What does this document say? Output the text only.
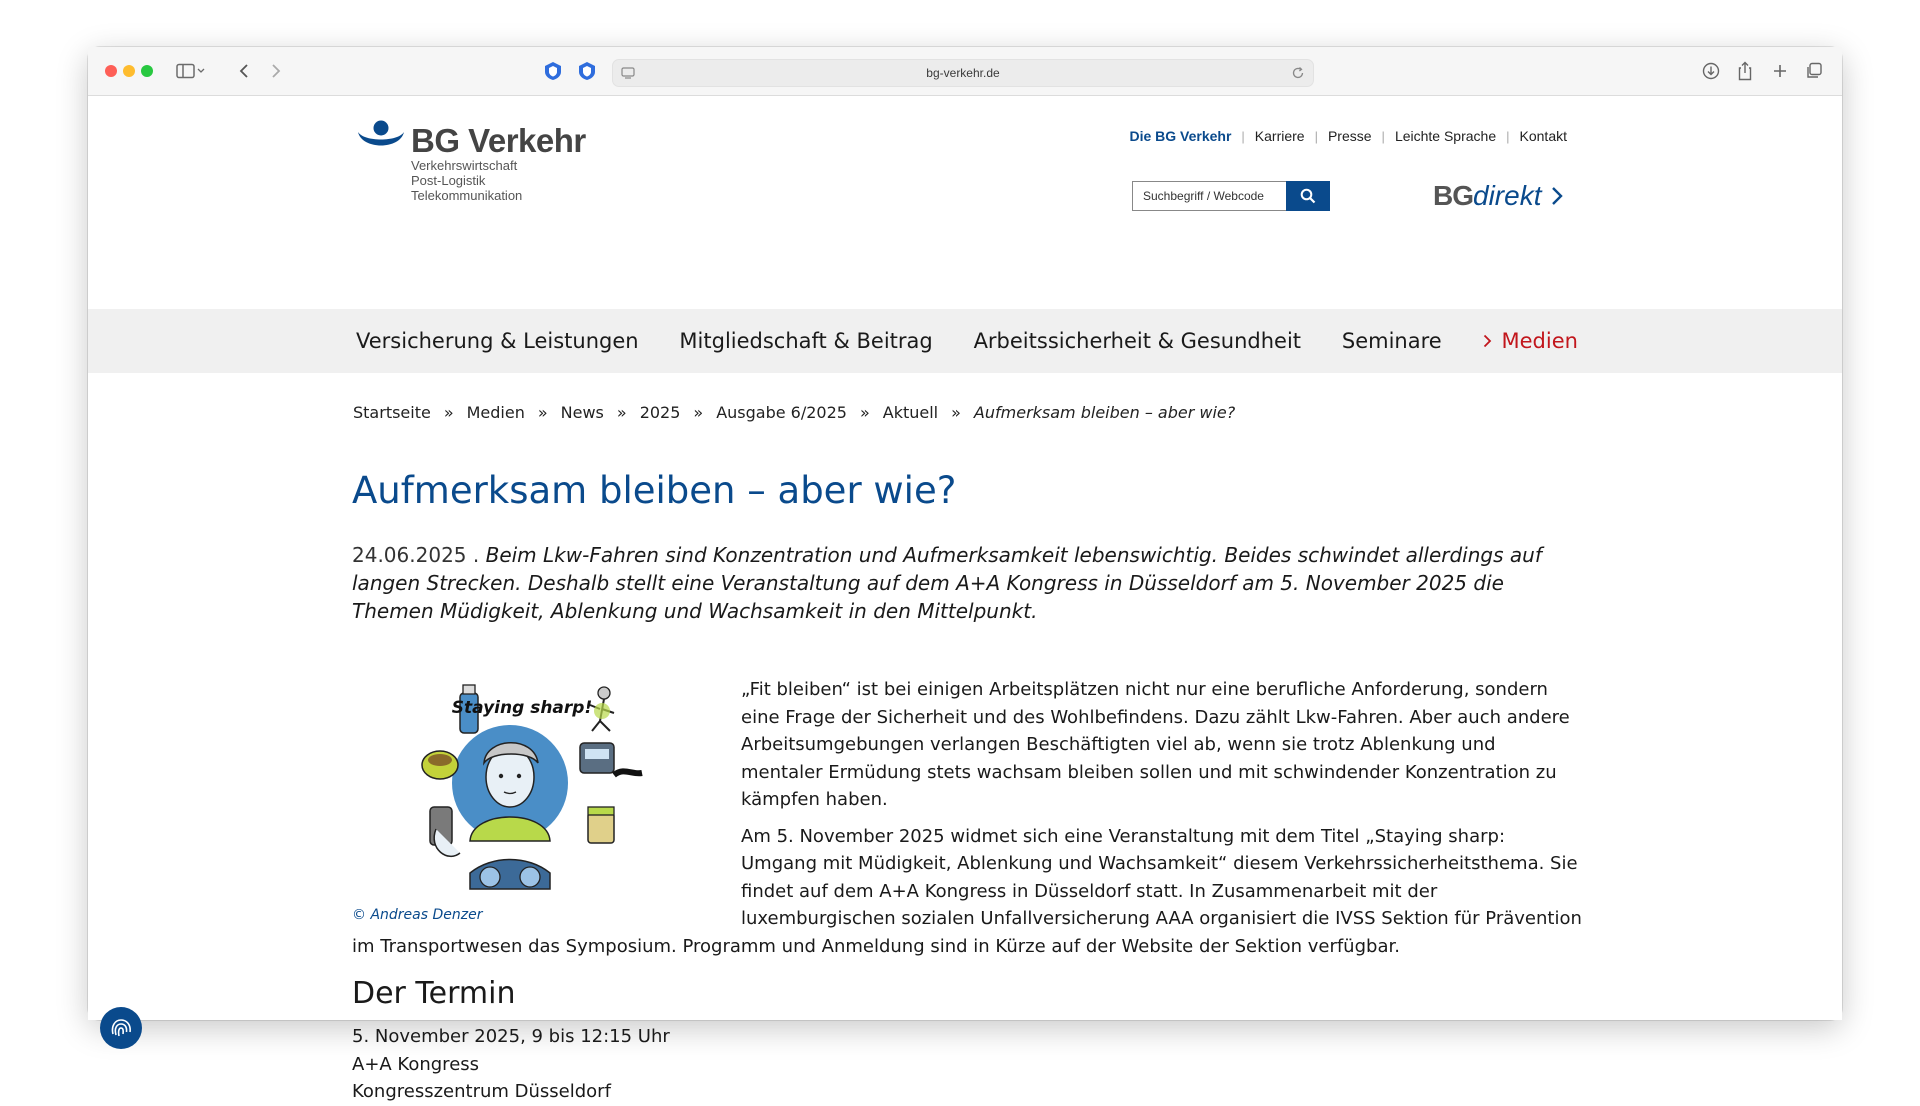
bg-verkehr.de
BG Verkehr
Verkehrswirtschaft
Post-Logistik
Telekommunikation
Die BG Verkehr | Karriere | Presse | Leichte Sprache | Kontakt
Suchbegriff / Webcode
BG direkt
Versicherung & Leistungen Mitgliedschaft & Beitrag Arbeitssicherheit & Gesundheit Seminare	Medien
Startseite » Medien » News » 2025 » Ausgabe 6/2025 » Aktuell » Aufmerksam bleiben – aber wie?
Aufmerksam bleiben – aber wie?
24.06.2025 . Beim Lkw-Fahren sind Konzentration und Aufmerksamkeit lebenswichtig. Beides schwindet allerdings auf langen Strecken. Deshalb stellt eine Veranstaltung auf dem A+A Kongress in Düsseldorf am 5. November 2025 die Themen Müdigkeit, Ablenkung und Wachsamkeit in den Mittelpunkt.

„Fit bleiben“ ist bei einigen Arbeitsplätzen nicht nur eine berufliche Anforderung, sondern eine Frage der Sicherheit und des Wohlbefindens. Dazu zählt Lkw-Fahren. Aber auch andere Arbeitsumgebungen verlangen Beschäftigten viel ab, wenn sie trotz Ablenkung und mentaler Ermüdung stets wachsam bleiben sollen und mit schwindender Konzentration zu kämpfen haben.

Am 5. November 2025 widmet sich eine Veranstaltung mit dem Titel „Staying sharp: Umgang mit Müdigkeit, Ablenkung und Wachsamkeit“ diesem Verkehrssicherheitsthema. Sie findet auf dem A+A Kongress in Düsseldorf statt. In Zusammenarbeit mit der luxemburgischen sozialen Unfallversicherung AAA organisiert die IVSS Sektion für Prävention im Transportwesen das Symposium. Programm und Anmeldung sind in Kürze auf der Website der Sektion verfügbar.

Staying sharp!
© Andreas Denzer
Der Termin
5. November 2025, 9 bis 12:15 Uhr
A+A Kongress
Kongresszentrum Düsseldorf
